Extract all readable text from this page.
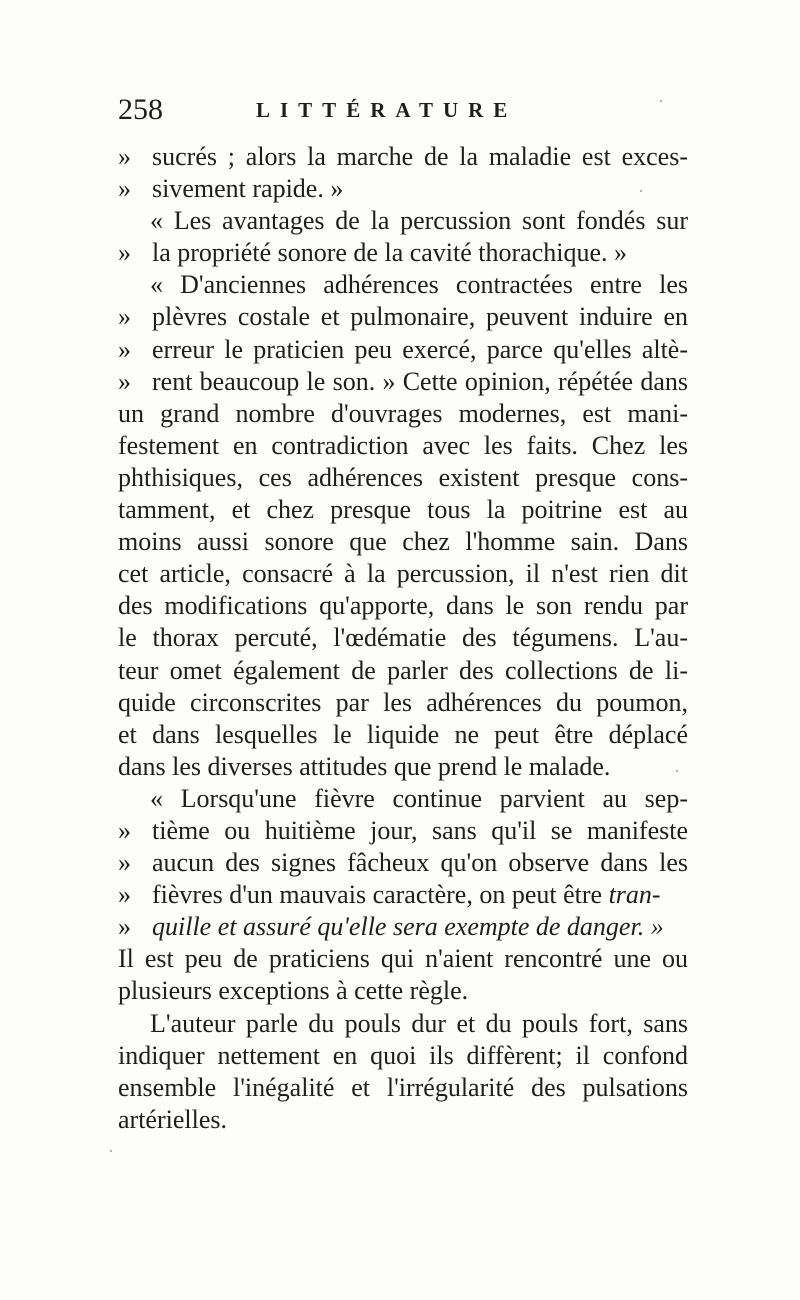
258	LITTÉRATURE
» sucrés ; alors la marche de la maladie est exces-
» sivement rapide. »
« Les avantages de la percussion sont fondés sur
» la propriété sonore de la cavité thorachique. »
« D'anciennes adhérences contractées entre les
» plèvres costale et pulmonaire, peuvent induire en
» erreur le praticien peu exercé, parce qu'elles altè-
» rent beaucoup le son. » Cette opinion, répétée dans
un grand nombre d'ouvrages modernes, est mani-
festement en contradiction avec les faits. Chez les
phthisiques, ces adhérences existent presque cons-
tamment, et chez presque tous la poitrine est au
moins aussi sonore que chez l'homme sain. Dans
cet article, consacré à la percussion, il n'est rien dit
des modifications qu'apporte, dans le son rendu par
le thorax percuté, l'œdématie des tégumens. L'au-
teur omet également de parler des collections de li-
quide circonscrites par les adhérences du poumon,
et dans lesquelles le liquide ne peut être déplacé
dans les diverses attitudes que prend le malade.
« Lorsqu'une fièvre continue parvient au sep-
» tième ou huitième jour, sans qu'il se manifeste
» aucun des signes fâcheux qu'on observe dans les
» fièvres d'un mauvais caractère, on peut être tran-
» quille et assuré qu'elle sera exempte de danger. »
Il est peu de praticiens qui n'aient rencontré une ou
plusieurs exceptions à cette règle.
L'auteur parle du pouls dur et du pouls fort, sans
indiquer nettement en quoi ils diffèrent; il confond
ensemble l'inégalité et l'irrégularité des pulsations
artérielles.
